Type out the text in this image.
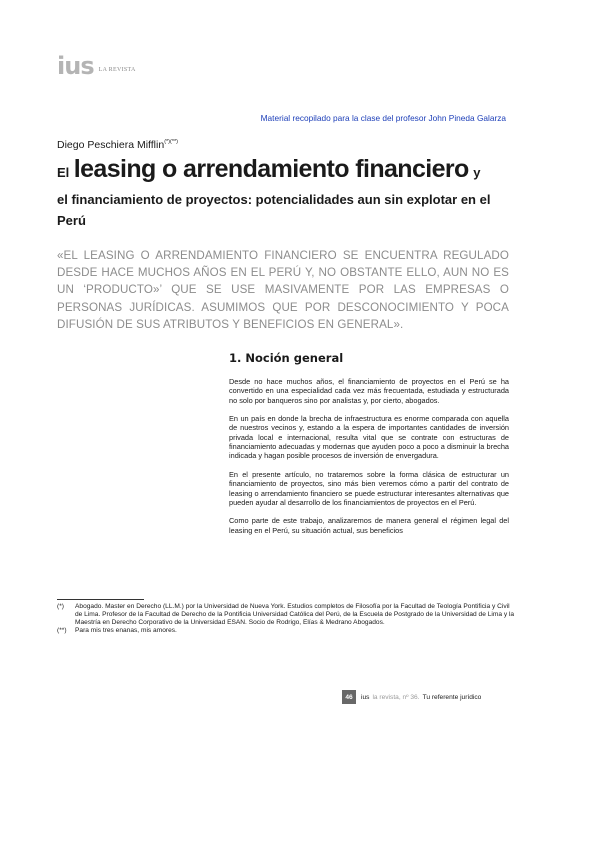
ius LA REVISTA
Material recopilado para la clase del profesor John Pineda Galarza
Diego Peschiera Mifflin(*)(**)
El leasing o arrendamiento financiero y
el financiamiento de proyectos: potencialidades aun sin explotar en el Perú
«EL LEASING O ARRENDAMIENTO FINANCIERO SE ENCUENTRA REGULADO DESDE HACE MUCHOS AÑOS EN EL PERÚ Y, NO OBSTANTE ELLO, AUN NO ES UN ‘PRODUCTO»’ QUE SE USE MASIVAMENTE POR LAS EMPRESAS O PERSONAS JURÍDICAS. ASUMIMOS QUE POR DESCONOCIMIENTO Y POCA DIFUSIÓN DE SUS ATRIBUTOS Y BENEFICIOS EN GENERAL».
1. Noción general

Desde no hace muchos años, el financiamiento de proyectos en el Perú se ha convertido en una especialidad cada vez más frecuentada, estudiada y estructurada no solo por banqueros sino por analistas y, por cierto, abogados.

En un país en donde la brecha de infraestructura es enorme comparada con aquella de nuestros vecinos y, estando a la espera de importantes cantidades de inversión privada local e internacional, resulta vital que se contrate con estructuras de financiamiento adecuadas y modernas que ayuden poco a poco a disminuir la brecha indicada y hagan posible procesos de inversión de envergadura.

En el presente artículo, no trataremos sobre la forma clásica de estructurar un financiamiento de proyectos, sino más bien veremos cómo a partir del contrato de leasing o arrendamiento financiero se puede estructurar interesantes alternativas que pueden ayudar al desarrollo de los financiamientos de proyectos en el Perú.

Como parte de este trabajo, analizaremos de manera general el régimen legal del leasing en el Perú, su situación actual, sus beneficios

(*)	Abogado. Master en Derecho (LL.M.) por la Universidad de Nueva York. Estudios completos de Filosofía por la Facultad de Teología Pontificia y Civil de Lima. Profesor de la Facultad de Derecho de la Pontificia Universidad Católica del Perú, de la Escuela de Postgrado de la Universidad de Lima y la Maestría en Derecho Corporativo de la Universidad ESAN. Socio de Rodrigo, Elías & Medrano Abogados.
(**)	Para mis tres enanas, mis amores.
46	ius la revista, nº 36. Tu referente jurídico
